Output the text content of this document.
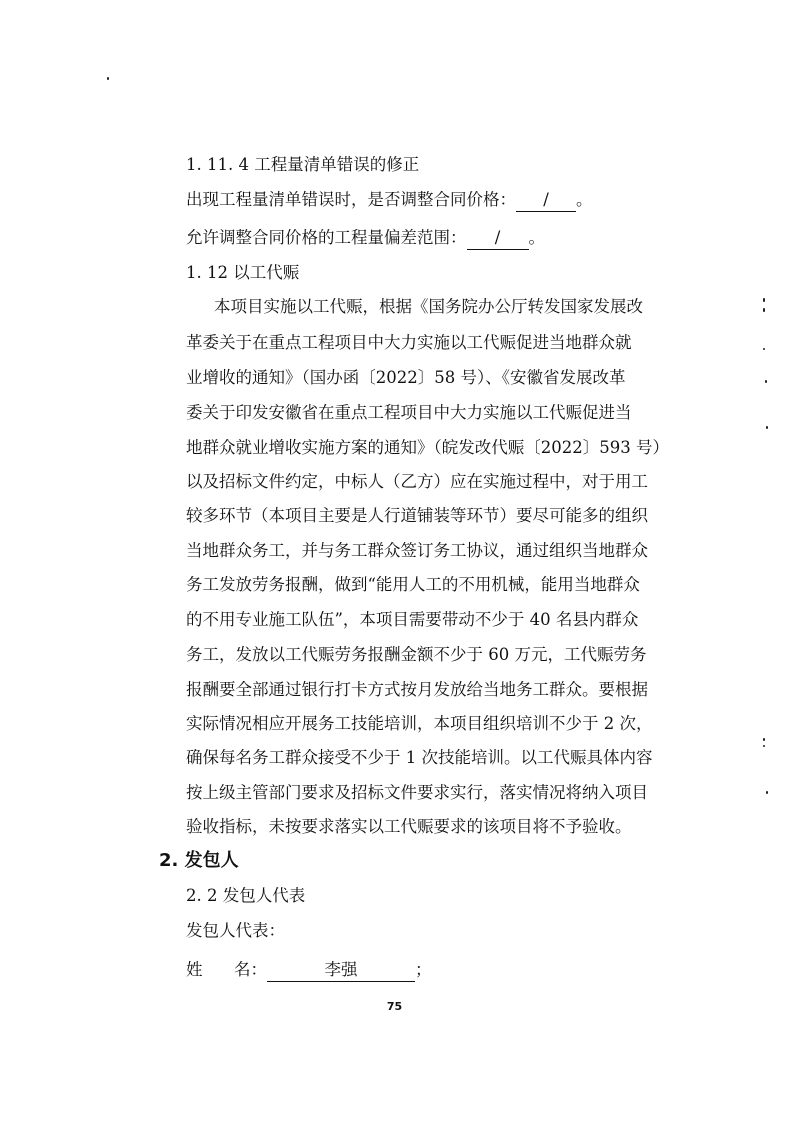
1. 11. 4 工程量清单错误的修正
出现工程量清单错误时，是否调整合同价格： / 。
允许调整合同价格的工程量偏差范围： / 。
1. 12 以工代赈
本项目实施以工代赈，根据《国务院办公厅转发国家发展改
革委关于在重点工程项目中大力实施以工代赈促进当地群众就
业增收的通知》（国办函〔2022〕58 号）、《安徽省发展改革
委关于印发安徽省在重点工程项目中大力实施以工代赈促进当
地群众就业增收实施方案的通知》（皖发改代赈〔2022〕593 号）
以及招标文件约定，中标人（乙方）应在实施过程中，对于用工
较多环节（本项目主要是人行道铺装等环节）要尽可能多的组织
当地群众务工，并与务工群众签订务工协议，通过组织当地群众
务工发放劳务报酬，做到“能用人工的不用机械，能用当地群众
的不用专业施工队伍”，本项目需要带动不少于 40 名县内群众
务工，发放以工代赈劳务报酬金额不少于 60 万元，工代赈劳务
报酬要全部通过银行打卡方式按月发放给当地务工群众。要根据
实际情况相应开展务工技能培训，本项目组织培训不少于 2 次，
确保每名务工群众接受不少于 1 次技能培训。以工代赈具体内容
按上级主管部门要求及招标文件要求实行，落实情况将纳入项目
验收指标，未按要求落实以工代赈要求的该项目将不予验收。
2. 发包人
2. 2 发包人代表
发包人代表：
姓      名：	李强	；
75
